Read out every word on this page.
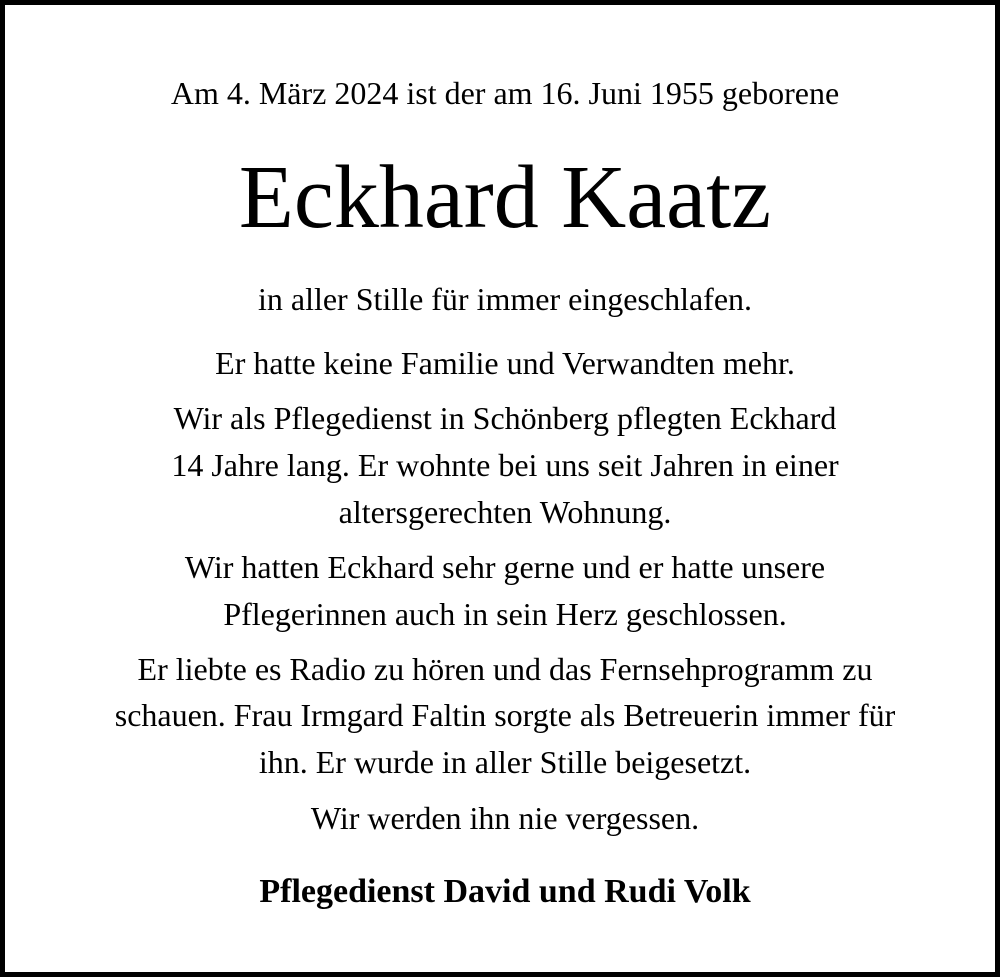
Am 4. März 2024 ist der am 16. Juni 1955 geborene

Eckhard Kaatz

in aller Stille für immer eingeschlafen.

Er hatte keine Familie und Verwandten mehr.

Wir als Pflegedienst in Schönberg pflegten Eckhard

14 Jahre lang. Er wohnte bei uns seit Jahren in einer

altersgerechten Wohnung.

Wir hatten Eckhard sehr gerne und er hatte unsere

Pflegerinnen auch in sein Herz geschlossen.

Er liebte es Radio zu hören und das Fernsehprogramm zu

schauen. Frau Irmgard Faltin sorgte als Betreuerin immer für

ihn. Er wurde in aller Stille beigesetzt.

Wir werden ihn nie vergessen.

Pflegedienst David und Rudi Volk
